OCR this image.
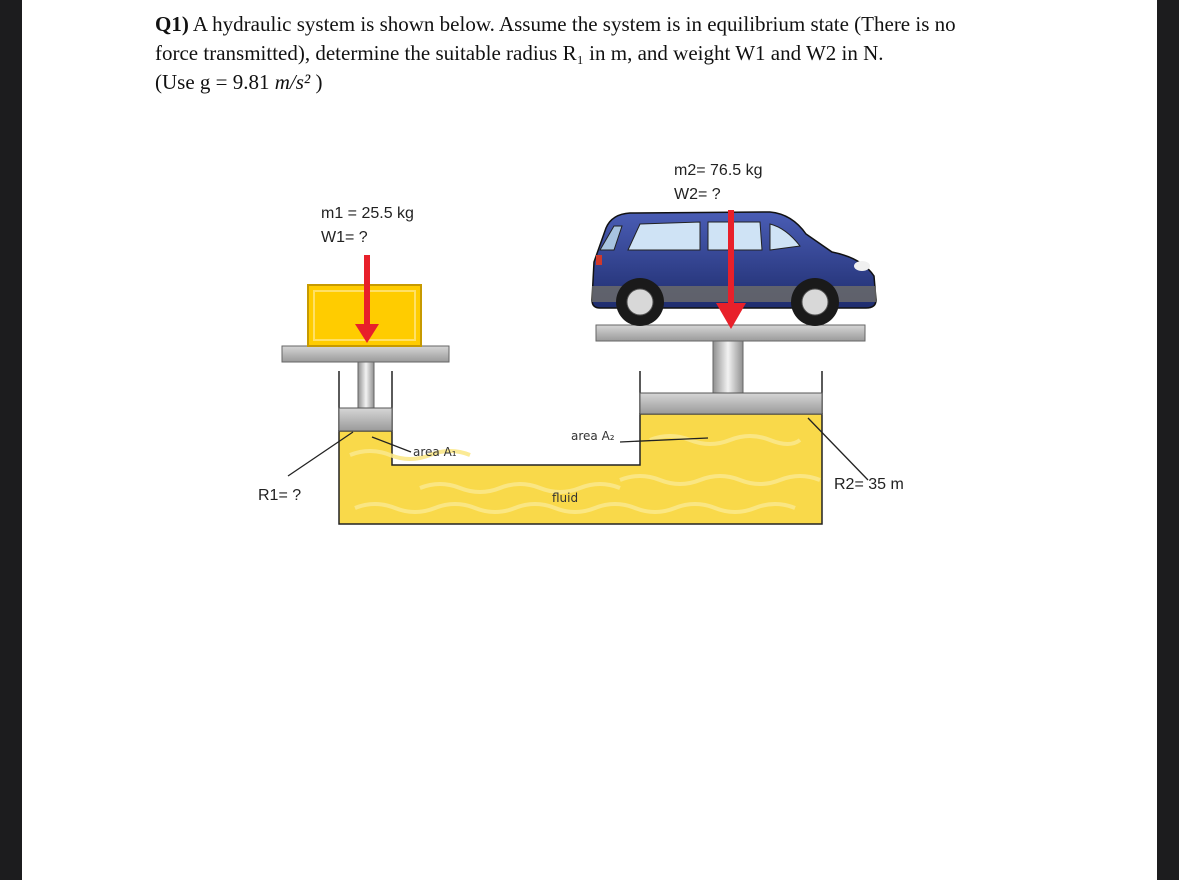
Q1) A hydraulic system is shown below. Assume the system is in equilibrium state (There is no
force transmitted), determine the suitable radius R₁ in m, and weight W1 and W2 in N.
(Use g = 9.81 m/s² )
m1 = 25.5 kg
W1= ?
m2= 76.5 kg
W2= ?
R1= ?
R2= 35 m
area A₁
area A₂
fluid
